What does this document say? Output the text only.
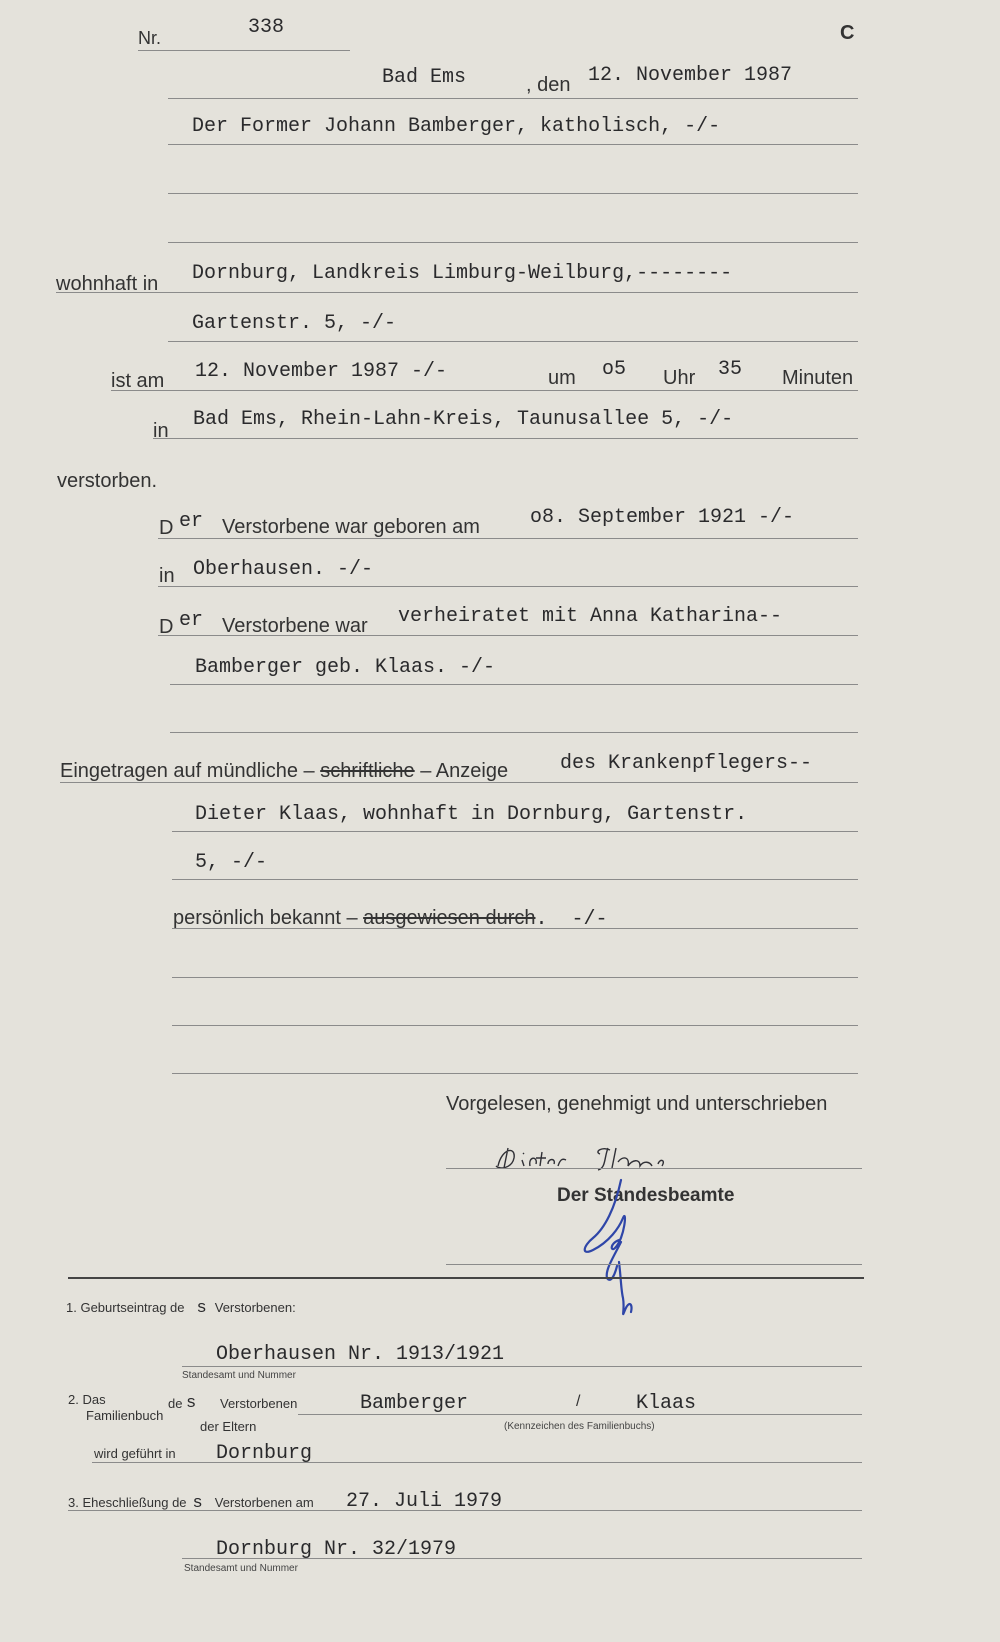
Nr.	338	C
Bad Ems	, den 12. November 1987
Der Former Johann Bamberger, katholisch, -/-
wohnhaft in Dornburg, Landkreis Limburg-Weilburg,--------
Gartenstr. 5, -/-
ist am 12. November 1987 -/-	um o5 Uhr 35 Minuten
in Bad Ems, Rhein-Lahn-Kreis, Taunusallee 5, -/-
verstorben.
D er Verstorbene war geboren am	o8. September 1921 -/-
in Oberhausen. -/-
D er Verstorbene war verheiratet mit Anna Katharina--
Bamberger geb. Klaas. -/-
Eingetragen auf mündliche – schriftliche – Anzeige	des Krankenpflegers--
Dieter Klaas, wohnhaft in Dornburg, Gartenstr.
5, -/-
persönlich bekannt – ausgewiesen durch.  -/-
Vorgelesen, genehmigt und unterschrieben
Der Standesbeamte
1. Geburtseintrag de s Verstorbenen:
Oberhausen Nr. 1913/1921
Standesamt und Nummer
2. Das
Familienbuch
de s Verstorbenen
der Eltern
Bamberger	/	Klaas
(Kennzeichen des Familienbuchs)
wird geführt in Dornburg
3. Eheschließung de s Verstorbenen am 27. Juli 1979
Dornburg Nr. 32/1979
Standesamt und Nummer
